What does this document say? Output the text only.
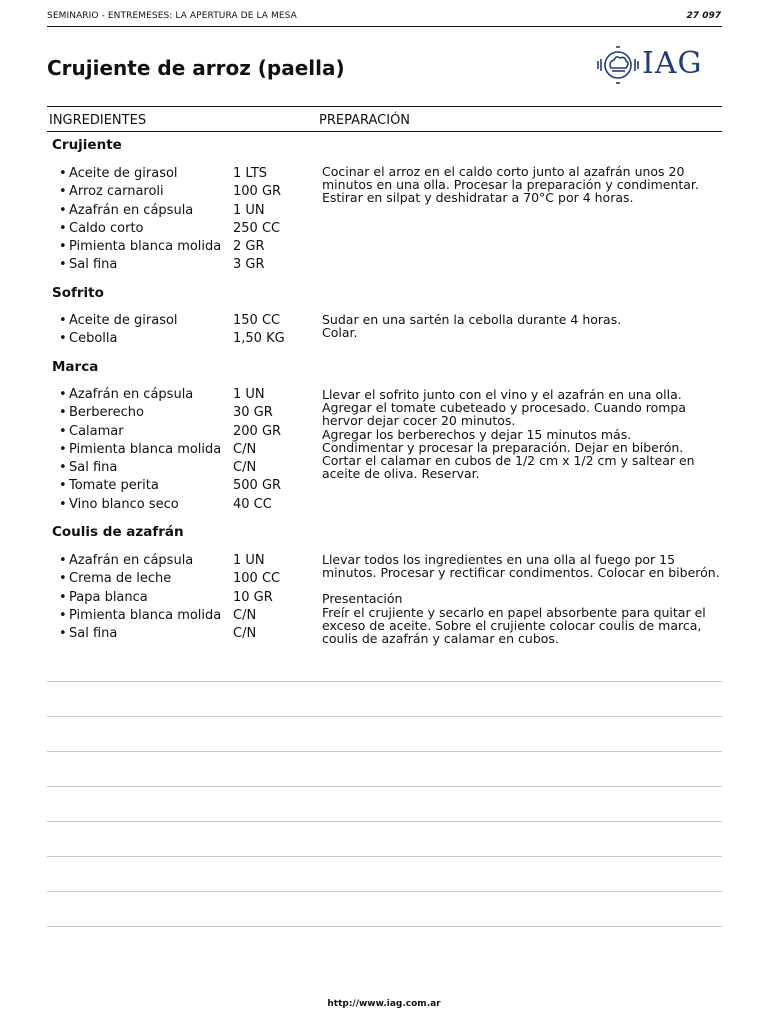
SEMINARIO - ENTREMESES: LA APERTURA DE LA MESA	27 097
Crujiente de arroz (paella)	IAG
INGREDIENTES	PREPARACIÓN
Crujiente
• Aceite de girasol	1 LTS
• Arroz carnaroli	100 GR
• Azafrán en cápsula	1 UN
• Caldo corto	250 CC
• Pimienta blanca molida 2 GR
• Sal fina	3 GR

Cocinar el arroz en el caldo corto junto al azafrán unos 20 minutos en una olla. Procesar la preparación y condimentar.

Estirar en silpat y deshidratar a 70°C por 4 horas.

Sofrito
• Aceite de girasol	150 CC
• Cebolla	1,50 KG

Sudar en una sartén la cebolla durante 4 horas.

Colar.

Marca
• Azafrán en cápsula	1 UN
• Berberecho	30 GR
• Calamar	200 GR
• Pimienta blanca molida C/N
• Sal fina	C/N
• Tomate perita	500 GR
• Vino blanco seco	40 CC

Llevar el sofrito junto con el vino y el azafrán en una olla.

Agregar el tomate cubeteado y procesado. Cuando rompa hervor dejar cocer 20 minutos.

Agregar los berberechos y dejar 15 minutos más.

Condimentar y procesar la preparación. Dejar en biberón.

Cortar el calamar en cubos de 1/2 cm x 1/2 cm y saltear en aceite de oliva. Reservar.

Coulis de azafrán
• Azafrán en cápsula	1 UN
• Crema de leche	100 CC
• Papa blanca	10 GR
• Pimienta blanca molida C/N
• Sal fina	C/N

Llevar todos los ingredientes en una olla al fuego por 15 minutos. Procesar y rectificar condimentos. Colocar en biberón.

Presentación

Freír el crujiente y secarlo en papel absorbente para quitar el exceso de aceite. Sobre el crujiente colocar coulis de marca, coulis de azafrán y calamar en cubos.

http://www.iag.com.ar
